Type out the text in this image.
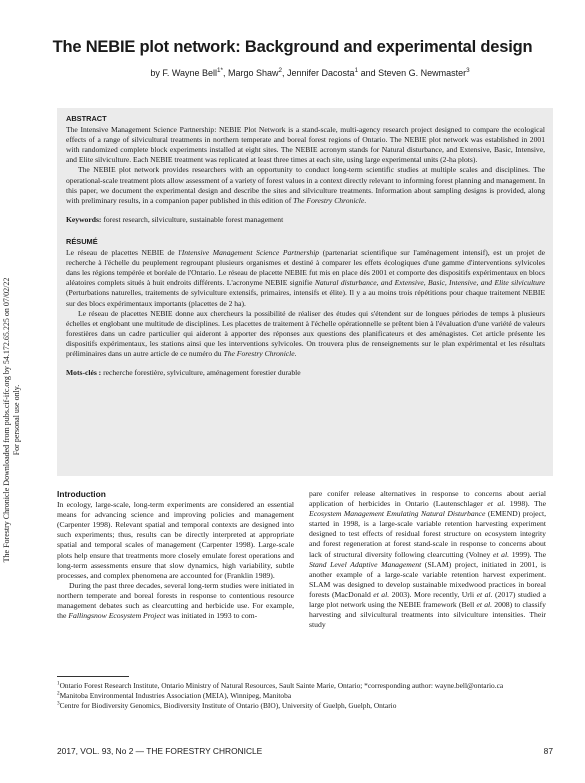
The NEBIE plot network: Background and experimental design
by F. Wayne Bell$^{1*}$, Margo Shaw$^2$, Jennifer Dacosta$^1$ and Steven G. Newmaster$^3$

ABSTRACT

The Intensive Management Science Partnership: NEBIE Plot Network is a stand-scale, multi-agency research project designed to compare the ecological effects of a range of silvicultural treatments in northern temperate and boreal forest regions of Ontario. The NEBIE plot network was established in 2001 with randomized complete block experiments installed at eight sites. The NEBIE acronym stands for Natural disturbance, and Extensive, Basic, Intensive, and Elite silviculture. Each NEBIE treatment was replicated at least three times at each site, using large experimental units (2-ha plots).

The NEBIE plot network provides researchers with an opportunity to conduct long-term scientific studies at multiple scales and disciplines. The operational-scale treatment plots allow assessment of a variety of forest values in a context directly relevant to informing forest planning and management. In this paper, we document the experimental design and describe the sites and silviculture treatments. Information about sampling designs is provided, along with preliminary results, in a companion paper published in this edition of The Forestry Chronicle.

Keywords: forest research, silviculture, sustainable forest management

RÉSUMÉ

Le réseau de placettes NEBIE de l'Intensive Management Science Partnership (partenariat scientifique sur l'aménagement intensif), est un projet de recherche à l'échelle du peuplement regroupant plusieurs organismes et destiné à comparer les effets écologiques d'une gamme d'interventions sylvicoles dans les régions tempérée et boréale de l'Ontario. Le réseau de placette NEBIE fut mis en place dès 2001 et comporte des dispositifs expérimentaux en blocs aléatoires complets situés à huit endroits différents. L'acronyme NEBIE signifie Natural disturbance, and Extensive, Basic, Intensive, and Elite silviculture (Perturbations naturelles, traitements de sylviculture extensifs, primaires, intensifs et élite). Il y a au moins trois répétitions pour chaque traitement NEBIE sur des blocs expérimentaux importants (placettes de 2 ha).

Le réseau de placettes NEBIE donne aux chercheurs la possibilité de réaliser des études qui s'étendent sur de longues périodes de temps à plusieurs échelles et englobant une multitude de disciplines. Les placettes de traitement à l'échelle opérationnelle se prêtent bien à l'évaluation d'une variété de valeurs forestières dans un cadre particulier qui aideront à apporter des réponses aux questions des planificateurs et des aménagistes. Cet article présente les dispositifs expérimentaux, les stations ainsi que les interventions sylvicoles. On trouvera plus de renseignements sur le plan expérimental et les résultats préliminaires dans un autre article de ce numéro du The Forestry Chronicle.

Mots-clés : recherche forestière, sylviculture, aménagement forestier durable

The Forestry Chronicle Downloaded from pubs.cif-ifc.org by 54.172.65.225 on 07/02/22 For personal use only.

Introduction

In ecology, large-scale, long-term experiments are considered an essential means for advancing science and improving policies and management (Carpenter 1998). Relevant spatial and temporal contexts are designed into such experiments; thus, results can be directly interpreted at appropriate spatial and temporal scales of management (Carpenter 1998). Large-scale plots help ensure that treatments more closely emulate forest operations and long-term assessments ensure that slow dynamics, high variability, subtle processes, and complex phenomena are accounted for (Franklin 1989).

During the past three decades, several long-term studies were initiated in northern temperate and boreal forests in response to contentious resource management debates such as clearcutting and herbicide use. For example, the Fallingsnow Ecosystem Project was initiated in 1993 to com-

pare conifer release alternatives in response to concerns about aerial application of herbicides in Ontario (Lautenschlager et al. 1998). The Ecosystem Management Emulating Natural Disturbance (EMEND) project, started in 1998, is a large-scale variable retention harvesting experiment designed to test effects of residual forest structure on ecosystem integrity and forest regeneration at forest stand-scale in response to concerns about lack of structural diversity following clearcutting (Volney et al. 1999). The Stand Level Adaptive Management (SLAM) project, initiated in 2001, is another example of a large-scale variable retention harvest experiment. SLAM was designed to develop sustainable mixedwood practices in boreal forests (MacDonald et al. 2003). More recently, Urli et al. (2017) studied a large plot network using the NEBIE framework (Bell et al. 2008) to classify harvesting and silvicultural treatments into silviculture intensities. Their study

$^1$Ontario Forest Research Institute, Ontario Ministry of Natural Resources, Sault Sainte Marie, Ontario; *corresponding author: wayne.bell@ontario.ca

$^2$Manitoba Environmental Industries Association (MEIA), Winnipeg, Manitoba

$^3$Centre for Biodiversity Genomics, Biodiversity Institute of Ontario (BIO), University of Guelph, Guelph, Ontario

2017, VOL. 93, No 2 — THE FORESTRY CHRONICLE	87
